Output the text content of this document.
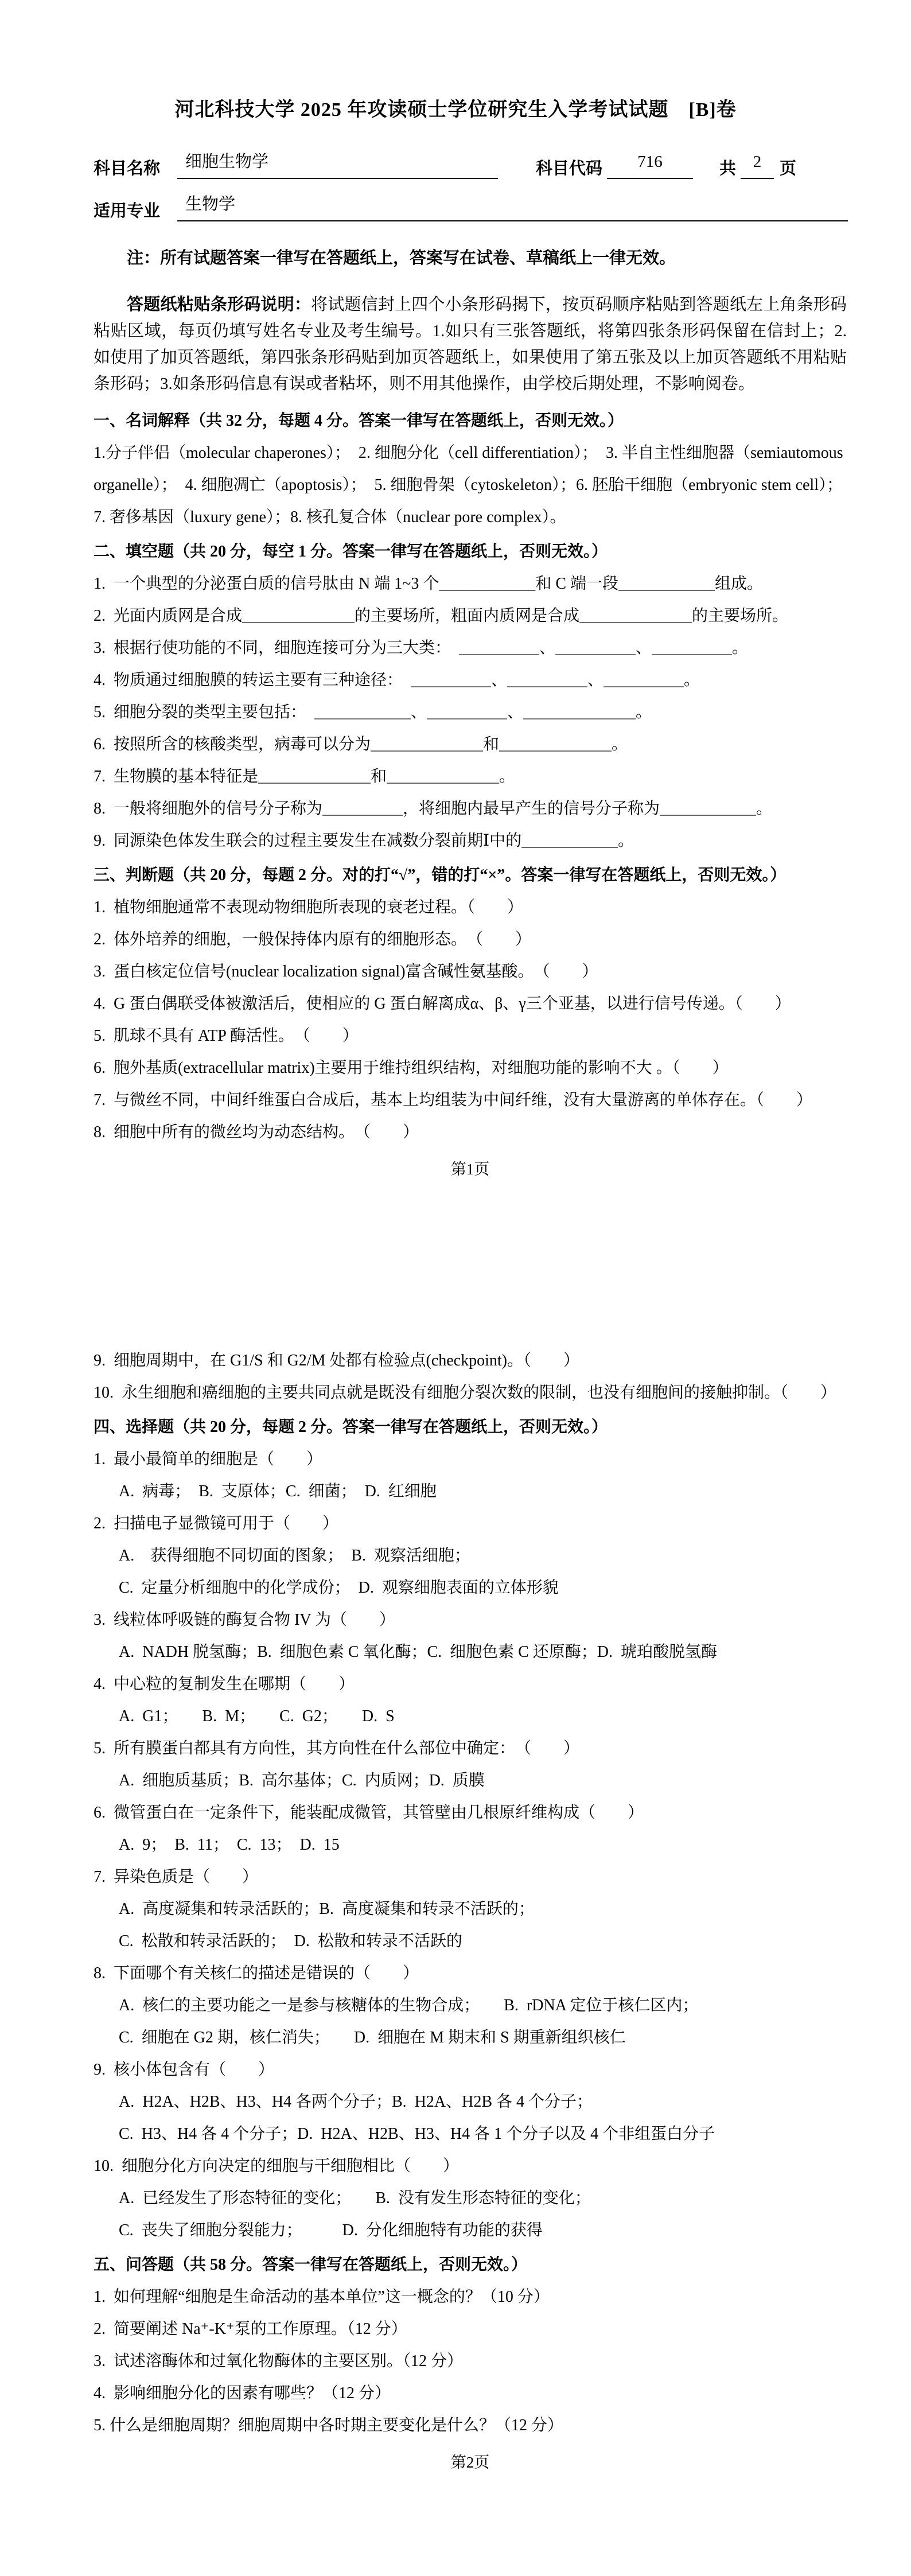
河北科技大学 2025 年攻读硕士学位研究生入学考试试题　[B]卷
科目名称	细胞生物学	科目代码	716	共	2	页
适用专业	生物学
注：所有试题答案一律写在答题纸上，答案写在试卷、草稿纸上一律无效。

答题纸粘贴条形码说明：将试题信封上四个小条形码揭下，按页码顺序粘贴到答题纸左上角条形码粘贴区域，每页仍填写姓名专业及考生编号。1.如只有三张答题纸，将第四张条形码保留在信封上；2.如使用了加页答题纸，第四张条形码贴到加页答题纸上，如果使用了第五张及以上加页答题纸不用粘贴条形码；3.如条形码信息有误或者粘坏，则不用其他操作，由学校后期处理，不影响阅卷。

一、名词解释（共 32 分，每题 4 分。答案一律写在答题纸上，否则无效。）
1.分子伴侣（molecular chaperones）；　2. 细胞分化（cell differentiation）；　3. 半自主性细胞器（semiautomous
organelle）；　4. 细胞凋亡（apoptosis）；　5. 细胞骨架（cytoskeleton）；6. 胚胎干细胞（embryonic stem cell）；
7. 奢侈基因（luxury gene）；8. 核孔复合体（nuclear pore complex）。
二、填空题（共 20 分，每空 1 分。答案一律写在答题纸上，否则无效。）
1.  一个典型的分泌蛋白质的信号肽由 N 端 1~3 个＿＿＿＿＿＿和 C 端一段＿＿＿＿＿＿组成。
2.  光面内质网是合成＿＿＿＿＿＿＿的主要场所，粗面内质网是合成＿＿＿＿＿＿＿的主要场所。
3.  根据行使功能的不同，细胞连接可分为三大类：　＿＿＿＿＿、＿＿＿＿＿、＿＿＿＿＿。
4.  物质通过细胞膜的转运主要有三种途径：　＿＿＿＿＿、＿＿＿＿＿、＿＿＿＿＿。
5.  细胞分裂的类型主要包括：　＿＿＿＿＿＿、＿＿＿＿＿、＿＿＿＿＿＿＿。
6.  按照所含的核酸类型，病毒可以分为＿＿＿＿＿＿＿和＿＿＿＿＿＿＿。
7.  生物膜的基本特征是＿＿＿＿＿＿＿和＿＿＿＿＿＿＿。
8.  一般将细胞外的信号分子称为＿＿＿＿＿，将细胞内最早产生的信号分子称为＿＿＿＿＿＿。
9.  同源染色体发生联会的过程主要发生在减数分裂前期Ⅰ中的＿＿＿＿＿＿。
三、判断题（共 20 分，每题 2 分。对的打“√”，错的打“×”。答案一律写在答题纸上，否则无效。）
1.  植物细胞通常不表现动物细胞所表现的衰老过程。（　　）
2.  体外培养的细胞，一般保持体内原有的细胞形态。　（　　）
3.  蛋白核定位信号(nuclear localization signal)富含碱性氨基酸。　（　　）
4.  G 蛋白偶联受体被激活后，使相应的 G 蛋白解离成α、β、γ三个亚基，以进行信号传递。（　　）
5.  肌球不具有 ATP 酶活性。　（　　）
6.  胞外基质(extracellular matrix)主要用于维持组织结构，对细胞功能的影响不大 。（　　）
7.  与微丝不同，中间纤维蛋白合成后，基本上均组装为中间纤维，没有大量游离的单体存在。（　　）
8.  细胞中所有的微丝均为动态结构。　（　　）
第1页
9.  细胞周期中，在 G1/S 和 G2/M 处都有检验点(checkpoint)。（　　）
10.  永生细胞和癌细胞的主要共同点就是既没有细胞分裂次数的限制，也没有细胞间的接触抑制。（　　）
四、选择题（共 20 分，每题 2 分。答案一律写在答题纸上，否则无效。）
1.  最小最简单的细胞是（　　）
A.  病毒；　B.  支原体；C.  细菌；　D.  红细胞
2.  扫描电子显微镜可用于（　　）
A.　获得细胞不同切面的图象；　B.  观察活细胞；
C.  定量分析细胞中的化学成份；　D.  观察细胞表面的立体形貌
3.  线粒体呼吸链的酶复合物 IV 为（　　）
A.  NADH 脱氢酶；B.  细胞色素 C 氧化酶；C.  细胞色素 C 还原酶；D.  琥珀酸脱氢酶
4.  中心粒的复制发生在哪期（　　）
A.  G1；　　B.  M；　　C.  G2；　　D.  S
5.  所有膜蛋白都具有方向性，其方向性在什么部位中确定：　（　　）
A.  细胞质基质；B.  高尔基体；C.  内质网；D.  质膜
6.  微管蛋白在一定条件下，能装配成微管，其管壁由几根原纤维构成（　　）
A.  9；　B.  11；　C.  13；　D.  15
7.  异染色质是（　　）
A.  高度凝集和转录活跃的；B.  高度凝集和转录不活跃的；
C.  松散和转录活跃的；　D.  松散和转录不活跃的
8.  下面哪个有关核仁的描述是错误的（　　）
A.  核仁的主要功能之一是参与核糖体的生物合成；　　B.  rDNA 定位于核仁区内；
C.  细胞在 G2 期，核仁消失；　　D.  细胞在 M 期末和 S 期重新组织核仁
9.  核小体包含有（　　）
A.  H2A、H2B、H3、H4 各两个分子；B.  H2A、H2B 各 4 个分子；
C.  H3、H4 各 4 个分子；D.  H2A、H2B、H3、H4 各 1 个分子以及 4 个非组蛋白分子
10.  细胞分化方向决定的细胞与干细胞相比（　　）
A.  已经发生了形态特征的变化；　　B.  没有发生形态特征的变化；
C.  丧失了细胞分裂能力；　　　D.  分化细胞特有功能的获得
五、问答题（共 58 分。答案一律写在答题纸上，否则无效。）
1.  如何理解“细胞是生命活动的基本单位”这一概念的？（10 分）
2.  简要阐述 Na⁺-K⁺泵的工作原理。（12 分）
3.  试述溶酶体和过氧化物酶体的主要区别。（12 分）
4.  影响细胞分化的因素有哪些？（12 分）
5. 什么是细胞周期？细胞周期中各时期主要变化是什么？（12 分）
第2页
